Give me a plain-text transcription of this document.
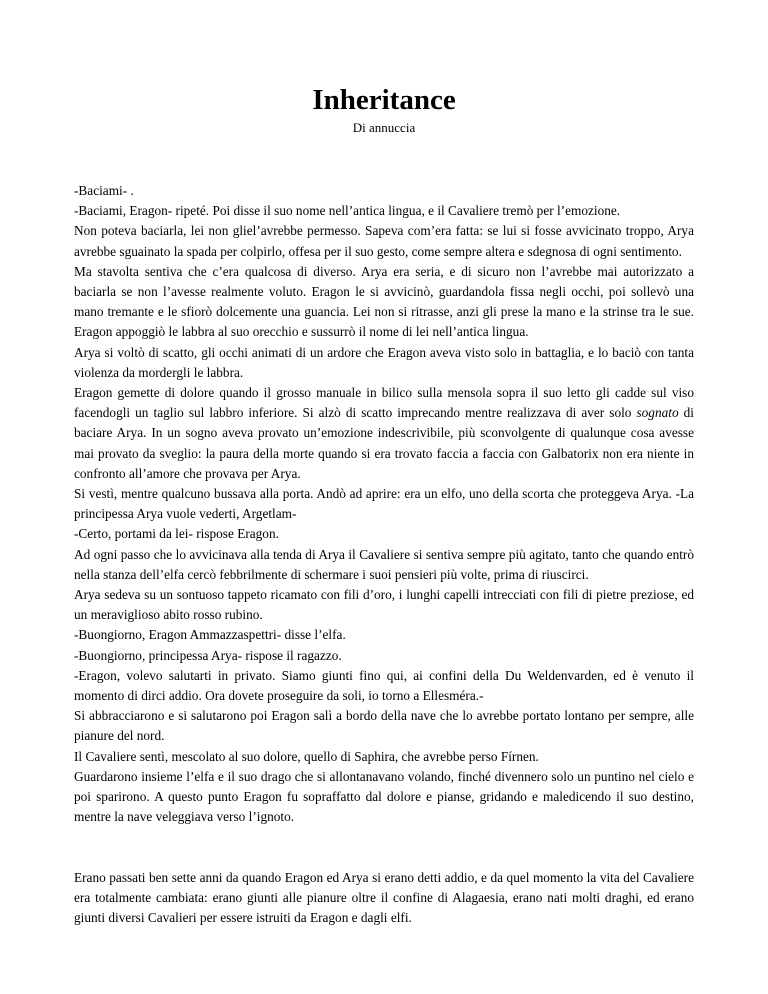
Inheritance
Di annuccia

-Baciami- .

-Baciami, Eragon- ripeté. Poi disse il suo nome nell’antica lingua, e il Cavaliere tremò per l’emozione.

Non poteva baciarla, lei non gliel’avrebbe permesso. Sapeva com’era fatta: se lui si fosse avvicinato troppo, Arya avrebbe sguainato la spada per colpirlo, offesa per il suo gesto, come sempre altera e sdegnosa di ogni sentimento.

Ma stavolta sentiva che c’era qualcosa di diverso. Arya era seria, e di sicuro non l’avrebbe mai autorizzato a baciarla se non l’avesse realmente voluto. Eragon le si avvicinò, guardandola fissa negli occhi, poi sollevò una mano tremante e le sfiorò dolcemente una guancia. Lei non si ritrasse, anzi gli prese la mano e la strinse tra le sue. Eragon appoggiò le labbra al suo orecchio e sussurrò il nome di lei nell’antica lingua.

Arya si voltò di scatto, gli occhi animati di un ardore che Eragon aveva visto solo in battaglia, e lo baciò con tanta violenza da mordergli le labbra.

Eragon gemette di dolore quando il grosso manuale in bilico sulla mensola sopra il suo letto gli cadde sul viso facendogli un taglio sul labbro inferiore. Si alzò di scatto imprecando mentre realizzava di aver solo sognato di baciare Arya. In un sogno aveva provato un’emozione indescrivibile, più sconvolgente di qualunque cosa avesse mai provato da sveglio: la paura della morte quando si era trovato faccia a faccia con Galbatorix non era niente in confronto all’amore che provava per Arya.

Si vestì, mentre qualcuno bussava alla porta. Andò ad aprire: era un elfo, uno della scorta che proteggeva Arya. -La principessa Arya vuole vederti, Argetlam-

-Certo, portami da lei- rispose Eragon.

Ad ogni passo che lo avvicinava alla tenda di Arya il Cavaliere si sentiva sempre più agitato, tanto che quando entrò nella stanza dell’elfa cercò febbrilmente di schermare i suoi pensieri più volte, prima di riuscirci.

Arya sedeva su un sontuoso tappeto ricamato con fili d’oro, i lunghi capelli intrecciati con fili di pietre preziose, ed un meraviglioso abito rosso rubino.

-Buongiorno, Eragon Ammazzaspettri- disse l’elfa.

-Buongiorno, principessa Arya- rispose il ragazzo.

-Eragon, volevo salutarti in privato. Siamo giunti fino qui, ai confini della Du Weldenvarden, ed è venuto il momento di dirci addio. Ora dovete proseguire da soli, io torno a Ellesméra.-

Si abbracciarono e si salutarono poi Eragon salì a bordo della nave che lo avrebbe portato lontano per sempre, alle pianure del nord.

Il Cavaliere sentì, mescolato al suo dolore, quello di Saphira, che avrebbe perso Fírnen.

Guardarono insieme l’elfa e il suo drago che si allontanavano volando, finché divennero solo un puntino nel cielo e poi sparirono. A questo punto Eragon fu sopraffatto dal dolore e pianse, gridando e maledicendo il suo destino, mentre la nave veleggiava verso l’ignoto.

Erano passati ben sette anni da quando Eragon ed Arya si erano detti addio, e da quel momento la vita del Cavaliere era totalmente cambiata: erano giunti alle pianure oltre il confine di Alagaesia, erano nati molti draghi, ed erano giunti diversi Cavalieri per essere istruiti da Eragon e dagli elfi.
